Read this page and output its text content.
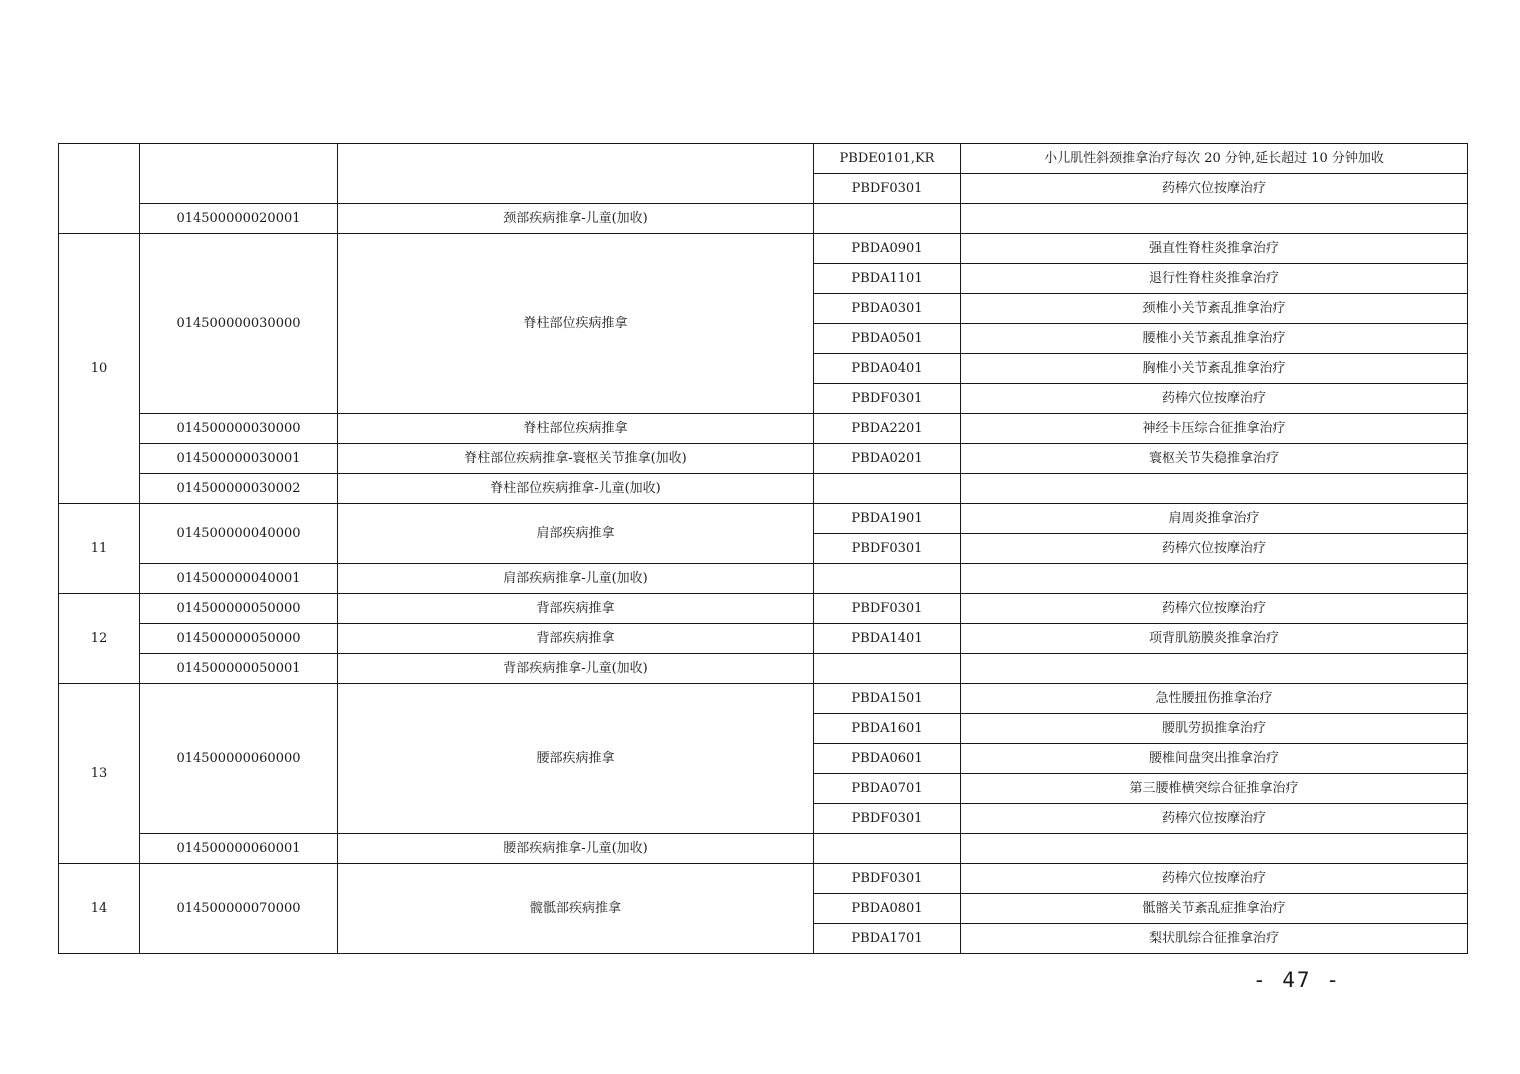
			PBDE0101,KR	小儿肌性斜颈推拿治疗每次 20 分钟,延长超过 10 分钟加收
			PBDF0301	药棒穴位按摩治疗
	014500000020001	颈部疾病推拿-儿童(加收)		
10	014500000030000	脊柱部位疾病推拿	PBDA0901	强直性脊柱炎推拿治疗
			PBDA1101	退行性脊柱炎推拿治疗
			PBDA0301	颈椎小关节紊乱推拿治疗
			PBDA0501	腰椎小关节紊乱推拿治疗
			PBDA0401	胸椎小关节紊乱推拿治疗
			PBDF0301	药棒穴位按摩治疗
	014500000030000	脊柱部位疾病推拿	PBDA2201	神经卡压综合征推拿治疗
	014500000030001	脊柱部位疾病推拿-寰枢关节推拿(加收)	PBDA0201	寰枢关节失稳推拿治疗
	014500000030002	脊柱部位疾病推拿-儿童(加收)		
11	014500000040000	肩部疾病推拿	PBDA1901	肩周炎推拿治疗
			PBDF0301	药棒穴位按摩治疗
	014500000040001	肩部疾病推拿-儿童(加收)		
12	014500000050000	背部疾病推拿	PBDF0301	药棒穴位按摩治疗
	014500000050000	背部疾病推拿	PBDA1401	项背肌筋膜炎推拿治疗
	014500000050001	背部疾病推拿-儿童(加收)		
13	014500000060000	腰部疾病推拿	PBDA1501	急性腰扭伤推拿治疗
			PBDA1601	腰肌劳损推拿治疗
			PBDA0601	腰椎间盘突出推拿治疗
			PBDA0701	第三腰椎横突综合征推拿治疗
			PBDF0301	药棒穴位按摩治疗
	014500000060001	腰部疾病推拿-儿童(加收)		
14	014500000070000	髋骶部疾病推拿	PBDF0301	药棒穴位按摩治疗
			PBDA0801	骶髂关节紊乱症推拿治疗
			PBDA1701	梨状肌综合征推拿治疗
- 47 -
